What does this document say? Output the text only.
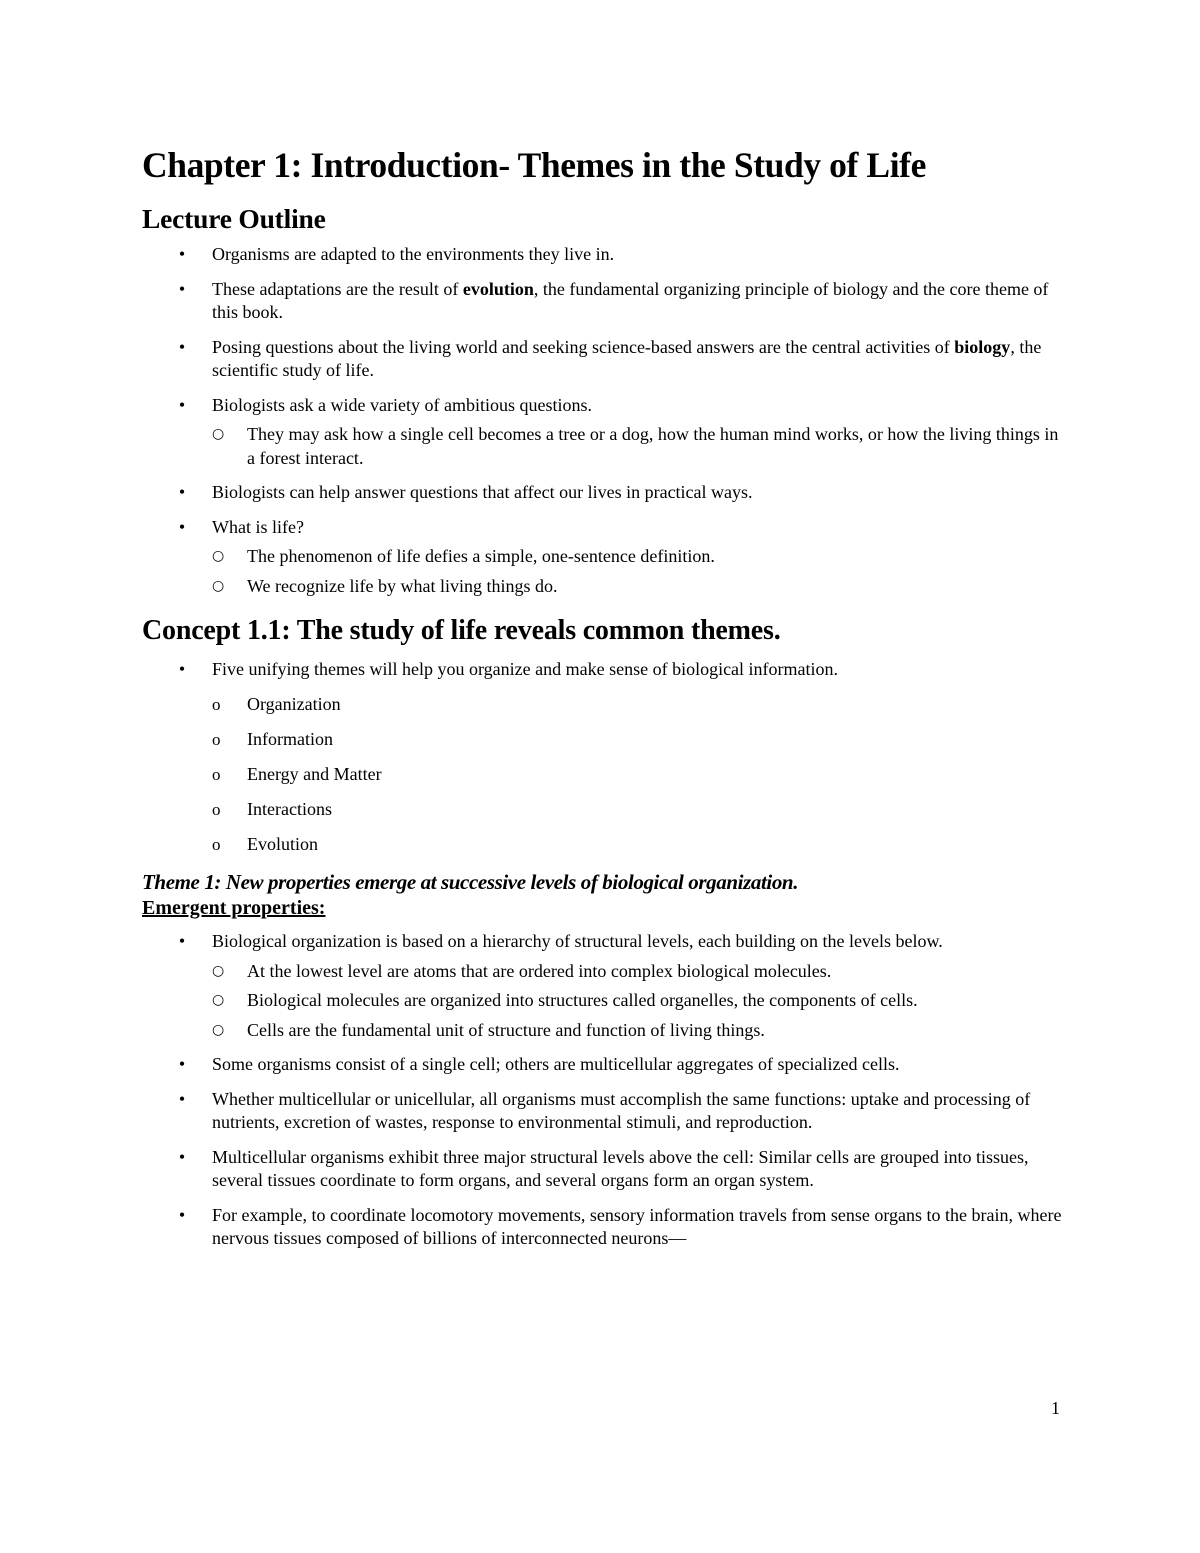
Chapter 1: Introduction- Themes in the Study of Life
Lecture Outline
•	Organisms are adapted to the environments they live in.
•	These adaptations are the result of evolution, the fundamental organizing principle of biology and the core theme of this book.
•	Posing questions about the living world and seeking science-based answers are the central activities of biology, the scientific study of life.
•	Biologists ask a wide variety of ambitious questions.
○ They may ask how a single cell becomes a tree or a dog, how the human mind works, or how the living things in a forest interact.
•	Biologists can help answer questions that affect our lives in practical ways.
•	What is life?
○ The phenomenon of life defies a simple, one-sentence definition.
○ We recognize life by what living things do.
Concept 1.1: The study of life reveals common themes.
•	Five unifying themes will help you organize and make sense of biological information.
o	Organization
o	Information
o	Energy and Matter
o	Interactions
o	Evolution
Theme 1: New properties emerge at successive levels of biological organization.
Emergent properties:
•	Biological organization is based on a hierarchy of structural levels, each building on the levels below.
○ At the lowest level are atoms that are ordered into complex biological molecules.
○ Biological molecules are organized into structures called organelles, the components of cells.
○ Cells are the fundamental unit of structure and function of living things.
•	Some organisms consist of a single cell; others are multicellular aggregates of specialized cells.
•	Whether multicellular or unicellular, all organisms must accomplish the same functions: uptake and processing of nutrients, excretion of wastes, response to environmental stimuli, and reproduction.
•	Multicellular organisms exhibit three major structural levels above the cell: Similar cells are grouped into tissues, several tissues coordinate to form organs, and several organs form an organ system.
•	For example, to coordinate locomotory movements, sensory information travels from sense organs to the brain, where nervous tissues composed of billions of interconnected neurons—
1
